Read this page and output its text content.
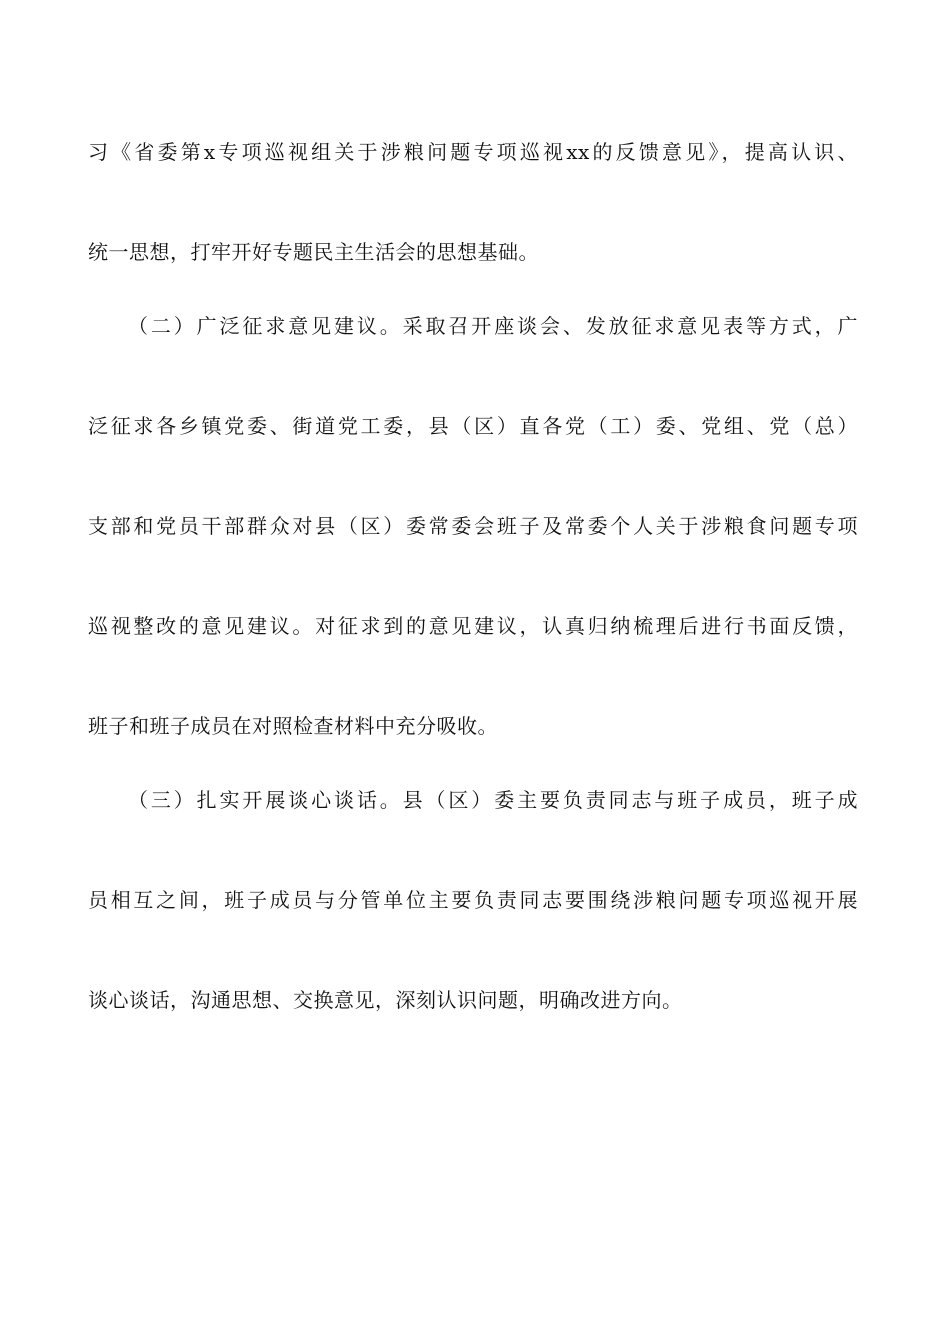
习《省委第x专项巡视组关于涉粮问题专项巡视xx的反馈意见》，提高认识、
统一思想，打牢开好专题民主生活会的思想基础。
（二）广泛征求意见建议。采取召开座谈会、发放征求意见表等方式，广
泛征求各乡镇党委、街道党工委，县（区）直各党（工）委、党组、党（总）
支部和党员干部群众对县（区）委常委会班子及常委个人关于涉粮食问题专项
巡视整改的意见建议。对征求到的意见建议，认真归纳梳理后进行书面反馈，
班子和班子成员在对照检查材料中充分吸收。
（三）扎实开展谈心谈话。县（区）委主要负责同志与班子成员，班子成
员相互之间，班子成员与分管单位主要负责同志要围绕涉粮问题专项巡视开展
谈心谈话，沟通思想、交换意见，深刻认识问题，明确改进方向。
